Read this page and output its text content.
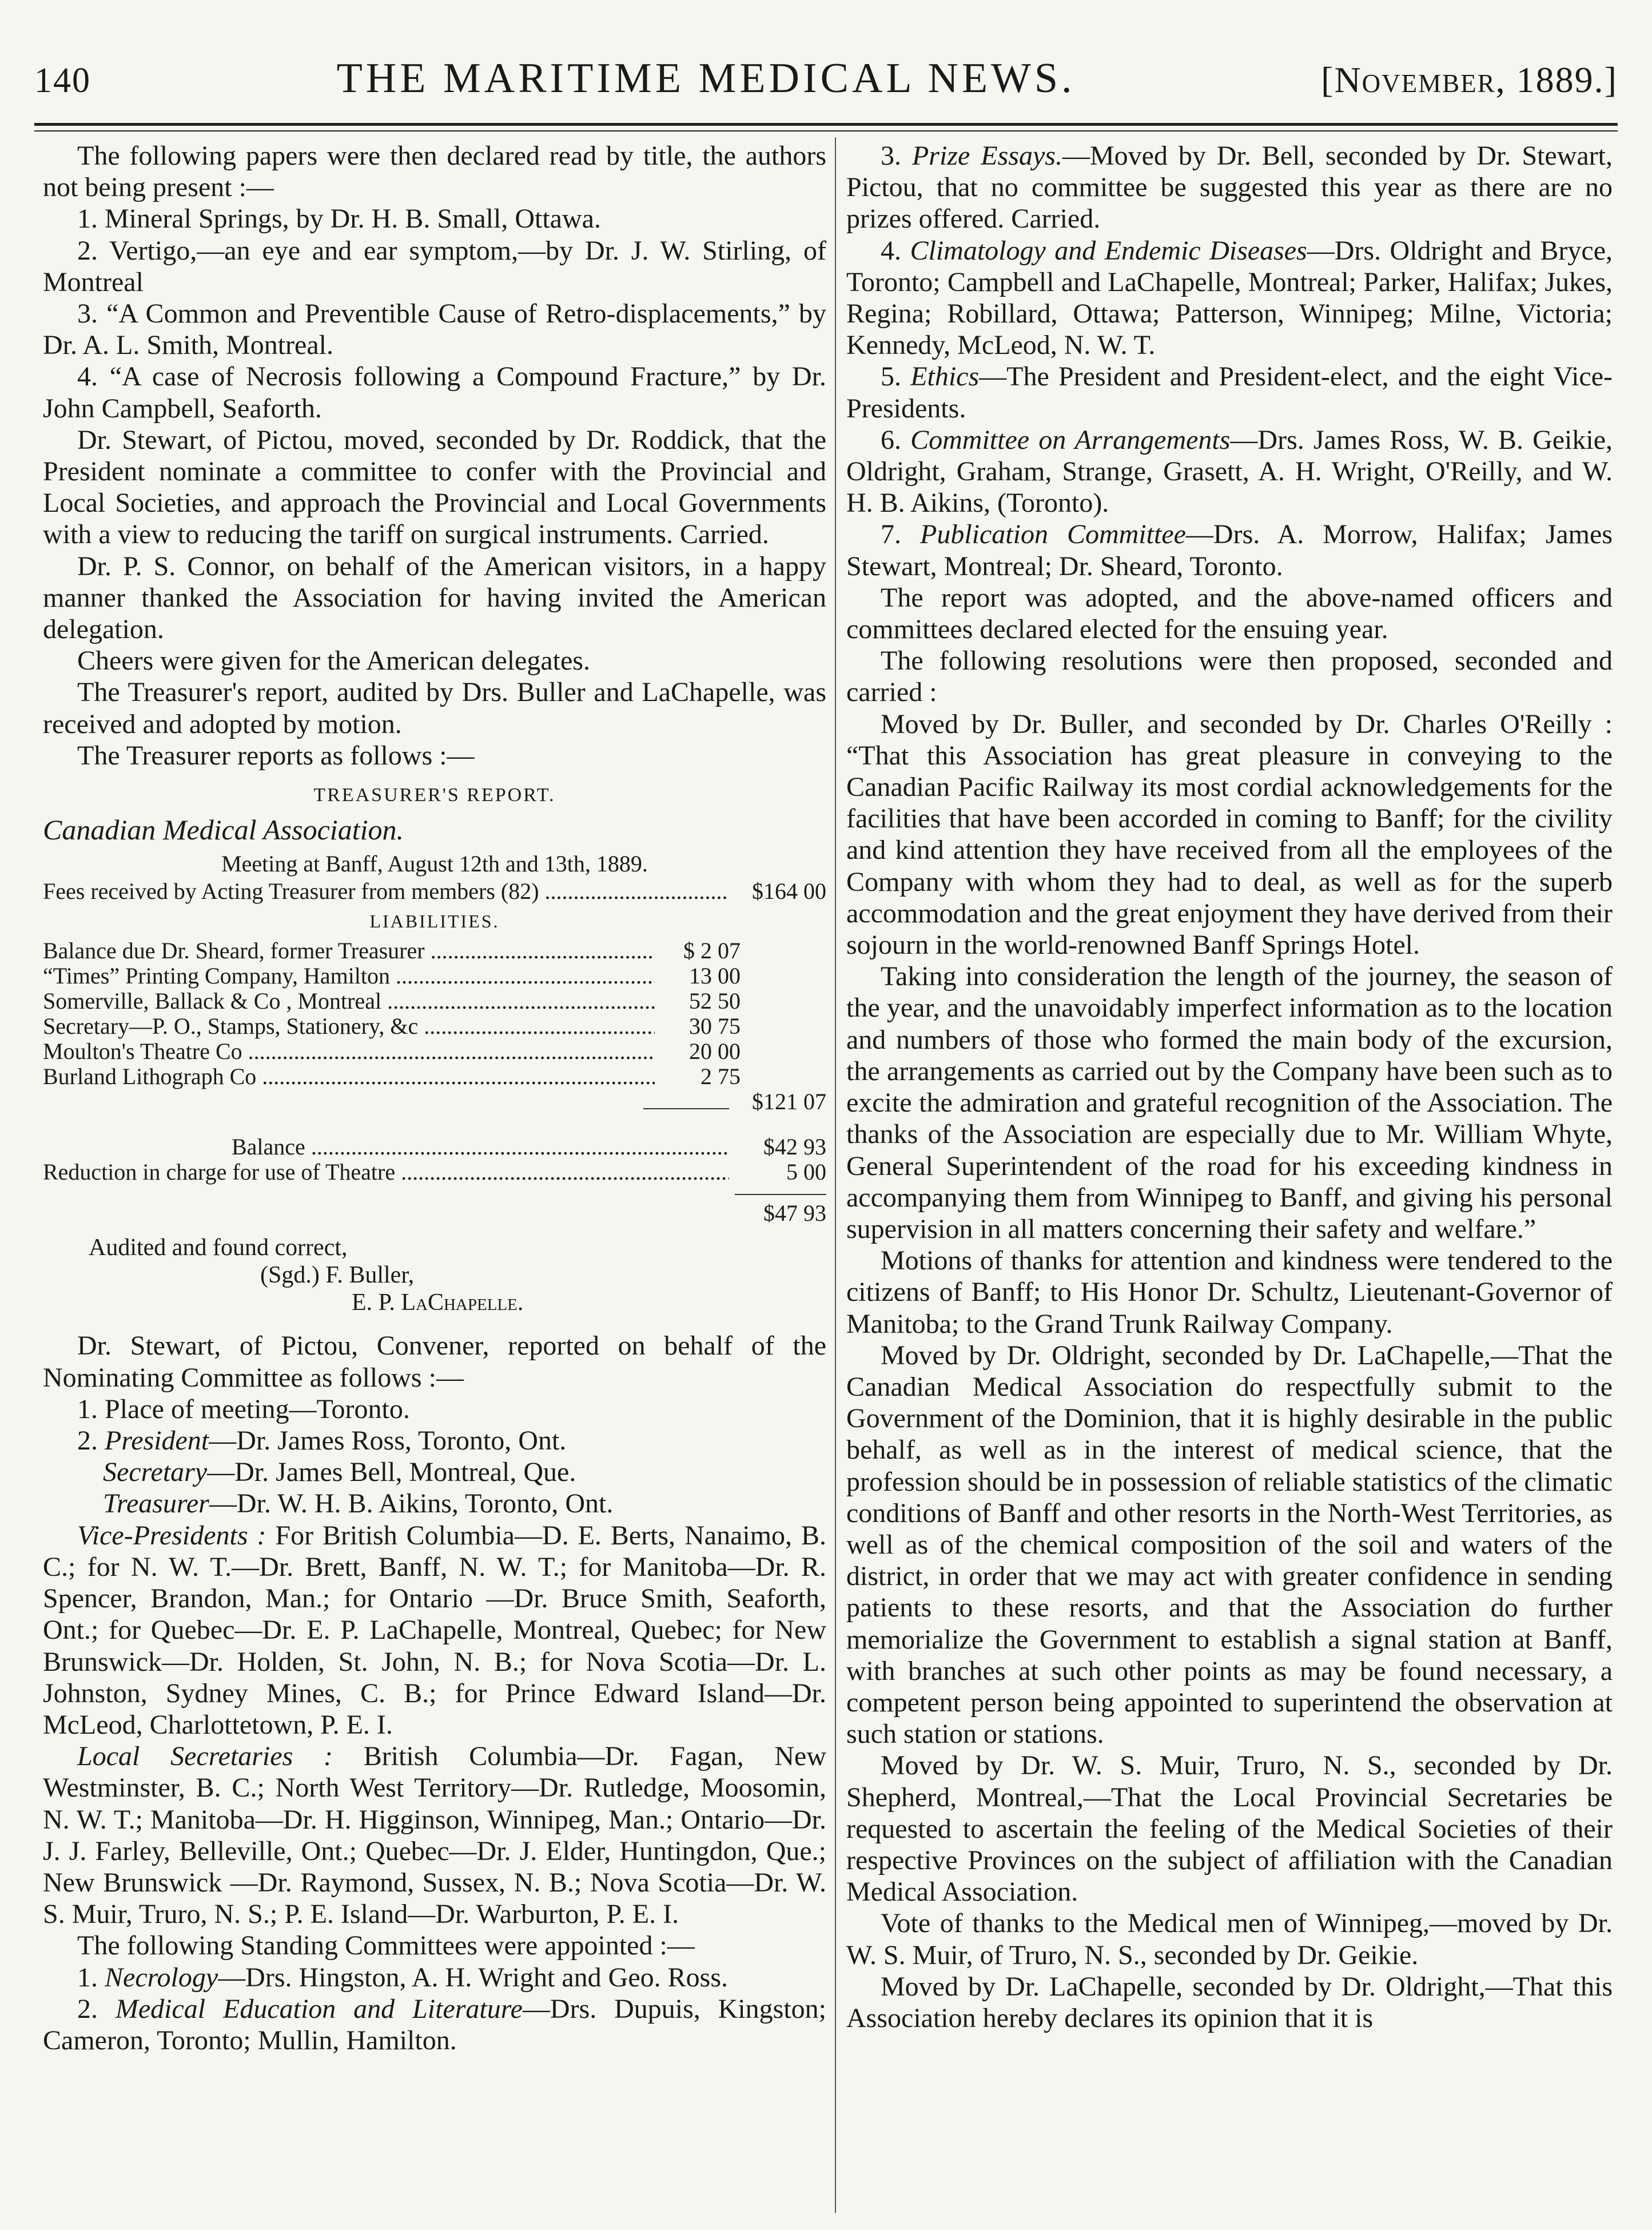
140	THE MARITIME MEDICAL NEWS.	[November, 1889.]

The following papers were then declared read by title, the authors not being present :—

1. Mineral Springs, by Dr. H. B. Small, Ottawa.

2. Vertigo,—an eye and ear symptom,—by Dr. J. W. Stirling, of Montreal

3. “A Common and Preventible Cause of Retro-displacements,” by Dr. A. L. Smith, Montreal.

4. “A case of Necrosis following a Compound Fracture,” by Dr. John Campbell, Seaforth.

Dr. Stewart, of Pictou, moved, seconded by Dr. Roddick, that the President nominate a committee to confer with the Provincial and Local Societies, and approach the Provincial and Local Governments with a view to reducing the tariff on surgical instruments. Carried.

Dr. P. S. Connor, on behalf of the American visitors, in a happy manner thanked the Association for having invited the American delegation.

Cheers were given for the American delegates.

The Treasurer's report, audited by Drs. Buller and LaChapelle, was received and adopted by motion.

The Treasurer reports as follows :—

TREASURER'S REPORT.
Canadian Medical Association.
Meeting at Banff, August 12th and 13th, 1889.
Fees received by Acting Treasurer from members (82) .....	$164 00
LIABILITIES.
Balance due Dr. Sheard, former Treasurer .....	$ 2 07
“Times” Printing Company, Hamilton .....	13 00
Somerville, Ballack & Co , Montreal .....	52 50
Secretary—P. O., Stamps, Stationery, &c .....	30 75
Moulton's Theatre Co .....	20 00
Burland Lithograph Co .....	2 75
$121 07
Balance .....	$42 93
Reduction in charge for use of Theatre .....	5 00
$47 93
Audited and found correct,
(Sgd.) F. Buller,
E. P. LaChapelle.

Dr. Stewart, of Pictou, Convener, reported on behalf of the Nominating Committee as follows :—

1. Place of meeting—Toronto.

2. President—Dr. James Ross, Toronto, Ont.

Secretary—Dr. James Bell, Montreal, Que.

Treasurer—Dr. W. H. B. Aikins, Toronto, Ont.

Vice-Presidents : For British Columbia—D. E. Berts, Nanaimo, B. C.; for N. W. T.—Dr. Brett, Banff, N. W. T.; for Manitoba—Dr. R. Spencer, Brandon, Man.; for Ontario —Dr. Bruce Smith, Seaforth, Ont.; for Quebec—Dr. E. P. LaChapelle, Montreal, Quebec; for New Brunswick—Dr. Holden, St. John, N. B.; for Nova Scotia—Dr. L. Johnston, Sydney Mines, C. B.; for Prince Edward Island—Dr. McLeod, Charlottetown, P. E. I.

Local Secretaries : British Columbia—Dr. Fagan, New Westminster, B. C.; North West Territory—Dr. Rutledge, Moosomin, N. W. T.; Manitoba—Dr. H. Higginson, Winnipeg, Man.; Ontario—Dr. J. J. Farley, Belleville, Ont.; Quebec—Dr. J. Elder, Huntingdon, Que.; New Brunswick —Dr. Raymond, Sussex, N. B.; Nova Scotia—Dr. W. S. Muir, Truro, N. S.; P. E. Island—Dr. Warburton, P. E. I.

The following Standing Committees were appointed :—

1. Necrology—Drs. Hingston, A. H. Wright and Geo. Ross.

2. Medical Education and Literature—Drs. Dupuis, Kingston; Cameron, Toronto; Mullin, Hamilton.

3. Prize Essays.—Moved by Dr. Bell, seconded by Dr. Stewart, Pictou, that no committee be suggested this year as there are no prizes offered. Carried.

4. Climatology and Endemic Diseases—Drs. Oldright and Bryce, Toronto; Campbell and LaChapelle, Montreal; Parker, Halifax; Jukes, Regina; Robillard, Ottawa; Patterson, Winnipeg; Milne, Victoria; Kennedy, McLeod, N. W. T.

5. Ethics—The President and President-elect, and the eight Vice-Presidents.

6. Committee on Arrangements—Drs. James Ross, W. B. Geikie, Oldright, Graham, Strange, Grasett, A. H. Wright, O'Reilly, and W. H. B. Aikins, (Toronto).

7. Publication Committee—Drs. A. Morrow, Halifax; James Stewart, Montreal; Dr. Sheard, Toronto.

The report was adopted, and the above-named officers and committees declared elected for the ensuing year.

The following resolutions were then proposed, seconded and carried :

Moved by Dr. Buller, and seconded by Dr. Charles O'Reilly : “That this Association has great pleasure in conveying to the Canadian Pacific Railway its most cordial acknowledgements for the facilities that have been accorded in coming to Banff; for the civility and kind attention they have received from all the employees of the Company with whom they had to deal, as well as for the superb accommodation and the great enjoyment they have derived from their sojourn in the world-renowned Banff Springs Hotel.

Taking into consideration the length of the journey, the season of the year, and the unavoidably imperfect information as to the location and numbers of those who formed the main body of the excursion, the arrangements as carried out by the Company have been such as to excite the admiration and grateful recognition of the Association. The thanks of the Association are especially due to Mr. William Whyte, General Superintendent of the road for his exceeding kindness in accompanying them from Winnipeg to Banff, and giving his personal supervision in all matters concerning their safety and welfare.”

Motions of thanks for attention and kindness were tendered to the citizens of Banff; to His Honor Dr. Schultz, Lieutenant-Governor of Manitoba; to the Grand Trunk Railway Company.

Moved by Dr. Oldright, seconded by Dr. LaChapelle,—That the Canadian Medical Association do respectfully submit to the Government of the Dominion, that it is highly desirable in the public behalf, as well as in the interest of medical science, that the profession should be in possession of reliable statistics of the climatic conditions of Banff and other resorts in the North-West Territories, as well as of the chemical composition of the soil and waters of the district, in order that we may act with greater confidence in sending patients to these resorts, and that the Association do further memorialize the Government to establish a signal station at Banff, with branches at such other points as may be found necessary, a competent person being appointed to superintend the observation at such station or stations.

Moved by Dr. W. S. Muir, Truro, N. S., seconded by Dr. Shepherd, Montreal,—That the Local Provincial Secretaries be requested to ascertain the feeling of the Medical Societies of their respective Provinces on the subject of affiliation with the Canadian Medical Association.

Vote of thanks to the Medical men of Winnipeg,—moved by Dr. W. S. Muir, of Truro, N. S., seconded by Dr. Geikie.

Moved by Dr. LaChapelle, seconded by Dr. Oldright,—That this Association hereby declares its opinion that it is
